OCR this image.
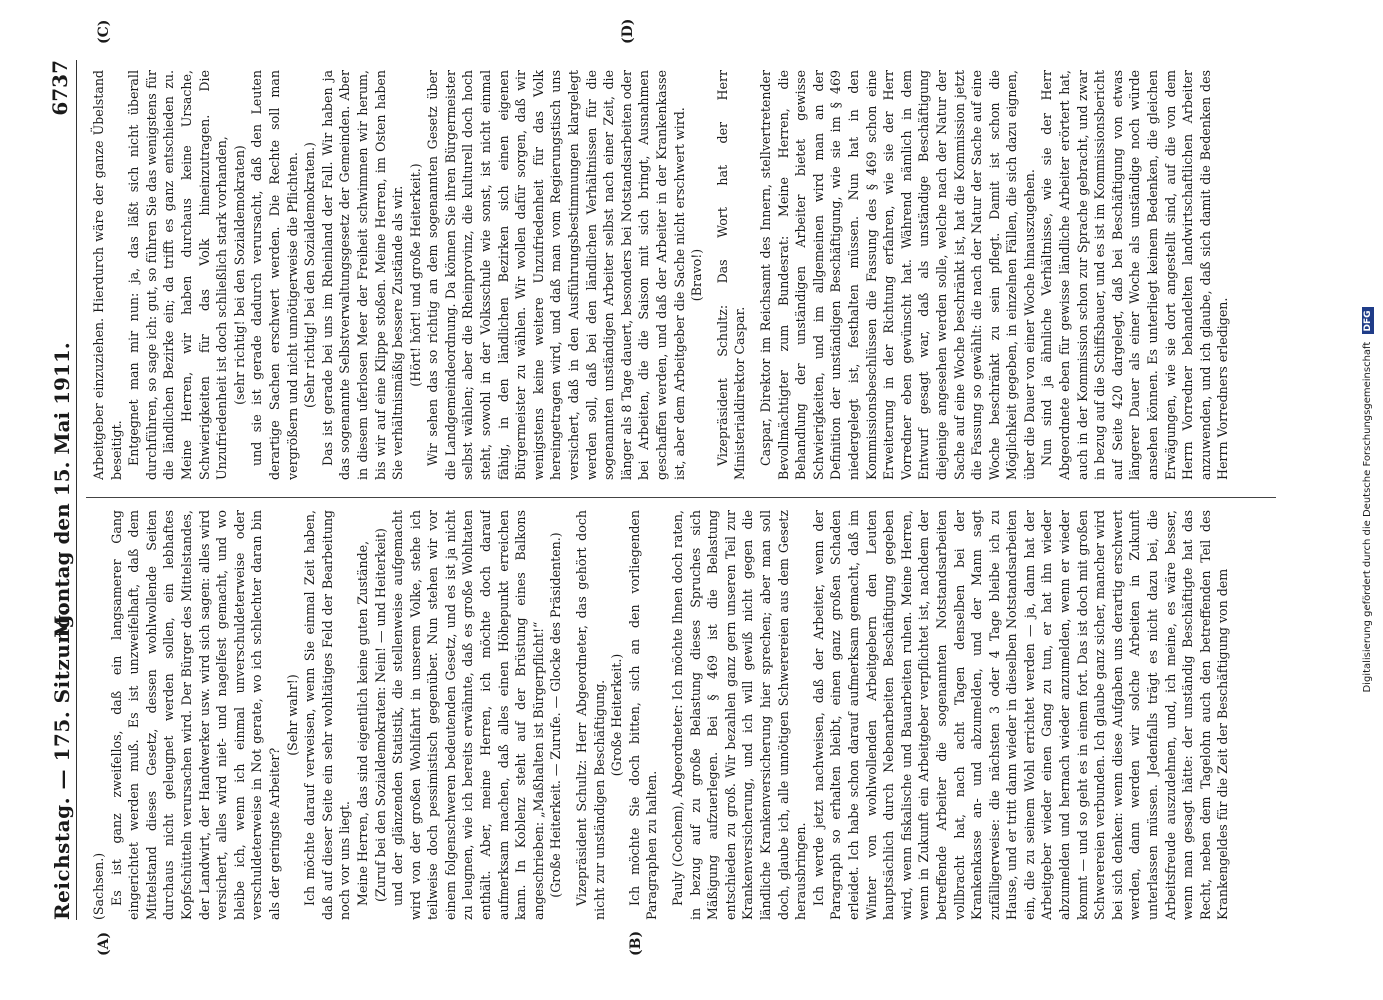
Reichstag. — 175. Sitzung.
Montag den 15. Mai 1911.
6737
(A)	(B)
(C)	(D)

(Sachsen.) Es ist ganz zweifellos, daß ein langsamerer Gang eingerichtet werden muß. Es ist unzweifelhaft, daß dem Mittelstand dieses Gesetz, dessen wohlwollende Seiten durchaus nicht geleugnet werden sollen, ein lebhaftes Kopfschütteln verursachen wird. Der Bürger des Mittelstandes, der Landwirt, der Handwerker usw. wird sich sagen: alles wird versichert, alles wird niet- und nagelfest gemacht, und wo bleibe ich, wenn ich einmal unverschuldeterweise oder verschuldeterweise in Not gerate, wo ich schlechter daran bin als der geringste Arbeiter?

(Sehr wahr!) Ich möchte darauf verweisen, wenn Sie einmal Zeit haben, daß auf dieser Seite ein sehr wohltätiges Feld der Bearbeitung noch vor uns liegt. Meine Herren, das sind eigentlich keine guten Zustände, (Zuruf bei den Sozialdemokraten: Nein! — und Heiterkeit) und der glänzenden Statistik, die stellenweise aufgemacht wird von der großen Wohlfahrt in unserem Volke, stehe ich teilweise doch pessimistisch gegenüber. Nun stehen wir vor einem folgenschweren bedeutenden Gesetz, und es ist ja nicht zu leugnen, wie ich bereits erwähnte, daß es große Wohltaten enthält. Aber, meine Herren, ich möchte doch darauf aufmerksam machen, daß alles einen Höhepunkt erreichen kann. In Koblenz steht auf der Brüstung eines Balkons angeschrieben: „Maßhalten ist Bürgerpflicht!“ (Große Heiterkeit. — Zurufe. — Glocke des Präsidenten.) Vizepräsident Schultz: Herr Abgeordneter, das gehört doch nicht zur unständigen Beschäftigung. (Große Heiterkeit.) Ich möchte Sie doch bitten, sich an den vorliegenden Paragraphen zu halten. Pauly (Cochem), Abgeordneter: Ich möchte Ihnen doch raten, in bezug auf zu große Belastung dieses Spruches sich Mäßigung aufzuerlegen. Bei § 469 ist die Belastung entschieden zu groß. Wir bezahlen ganz gern unseren Teil zur Krankenversicherung, und ich will gewiß nicht gegen die ländliche Krankenversicherung hier sprechen; aber man soll doch, glaube ich, alle unnötigen Schwerereien aus dem Gesetz herausbringen. Ich werde jetzt nachweisen, daß der Arbeiter, wenn der Paragraph so erhalten bleibt, einen ganz großen Schaden erleidet. Ich habe schon darauf aufmerksam gemacht, daß im Winter von wohlwollenden Arbeitgebern den Leuten hauptsächlich durch Nebenarbeiten Beschäftigung gegeben wird, wenn fiskalische und Bauarbeiten ruhen. Meine Herren, wenn in Zukunft ein Arbeitgeber verpflichtet ist, nachdem der betreffende Arbeiter die sogenannten Notstandsarbeiten vollbracht hat, nach acht Tagen denselben bei der Krankenkasse an- und abzumelden, und der Mann sagt zufälligerweise: die nächsten 3 oder 4 Tage bleibe ich zu Hause, und er tritt dann wieder in dieselben Notstandsarbeiten ein, die zu seinem Wohl errichtet werden — ja, dann hat der Arbeitgeber wieder einen Gang zu tun, er hat ihn wieder abzumelden und hernach wieder anzumelden, wenn er wieder kommt — und so geht es in einem fort. Das ist doch mit großen Schwerereien verbunden. Ich glaube ganz sicher, mancher wird bei sich denken: wenn diese Aufgaben uns derartig erschwert werden, dann werden wir solche Arbeiten in Zukunft unterlassen müssen. Jedenfalls trägt es nicht dazu bei, die Arbeitsfreude auszudehnen, und, ich meine, es wäre besser, wenn man gesagt hätte: der unständig Beschäftigte hat das Recht, neben dem Tagelohn auch den betreffenden Teil des Krankengeldes für die Zeit der Beschäftigung von dem

Arbeitgeber einzuziehen. Hierdurch wäre der ganze Übelstand beseitigt. Entgegnet man mir nun: ja, das läßt sich nicht überall durchführen, so sage ich: gut, so führen Sie das wenigstens für die ländlichen Bezirke ein; da trifft es ganz entschieden zu. Meine Herren, wir haben durchaus keine Ursache, Schwierigkeiten für das Volk hineinzutragen. Die Unzufriedenheit ist doch schließlich stark vorhanden, (sehr richtig! bei den Sozialdemokraten) und sie ist gerade dadurch verursacht, daß den Leuten derartige Sachen erschwert werden. Die Rechte soll man vergrößern und nicht unnötigerweise die Pflichten. (Sehr richtig! bei den Sozialdemokraten.) Das ist gerade bei uns im Rheinland der Fall. Wir haben ja das sogenannte Selbstverwaltungsgesetz der Gemeinden. Aber in diesem uferlosen Meer der Freiheit schwimmen wir herum, bis wir auf eine Klippe stoßen. Meine Herren, im Osten haben Sie verhältnismäßig bessere Zustände als wir. (Hört! hört! und große Heiterkeit.) Wir sehen das so richtig an dem sogenannten Gesetz über die Landgemeindeordnung. Da können Sie ihren Bürgermeister selbst wählen; aber die Rheinprovinz, die kulturell doch hoch steht, sowohl in der Volksschule wie sonst, ist nicht einmal fähig, in den ländlichen Bezirken sich einen eigenen Bürgermeister zu wählen. Wir wollen dafür sorgen, daß wir wenigstens keine weitere Unzufriedenheit für das Volk hereingetragen wird, und daß man vom Regierungstisch uns versichert, daß in den Ausführungsbestimmungen klargelegt werden soll, daß bei den ländlichen Verhältnissen für die sogenannten unständigen Arbeiter selbst nach einer Zeit, die länger als 8 Tage dauert, besonders bei Notstandsarbeiten oder bei Arbeiten, die die Saison mit sich bringt, Ausnahmen geschaffen werden, und daß der Arbeiter in der Krankenkasse ist, aber dem Arbeitgeber die Sache nicht erschwert wird. (Bravo!) Vizepräsident Schultz: Das Wort hat der Herr Ministerialdirektor Caspar. Caspar, Direktor im Reichsamt des Innern, stellvertretender Bevollmächtigter zum Bundesrat: Meine Herren, die Behandlung der unständigen Arbeiter bietet gewisse Schwierigkeiten, und im allgemeinen wird man an der Definition der unständigen Beschäftigung, wie sie im § 469 niedergelegt ist, festhalten müssen. Nun hat in den Kommissionsbeschlüssen die Fassung des § 469 schon eine Erweiterung in der Richtung erfahren, wie sie der Herr Vorredner eben gewünscht hat. Während nämlich in dem Entwurf gesagt war, daß als unständige Beschäftigung diejenige angesehen werden solle, welche nach der Natur der Sache auf eine Woche beschränkt ist, hat die Kommission jetzt die Fassung so gewählt: die nach der Natur der Sache auf eine Woche beschränkt zu sein pflegt. Damit ist schon die Möglichkeit gegeben, in einzelnen Fällen, die sich dazu eignen, über die Dauer von einer Woche hinauszugehen. Nun sind ja ähnliche Verhältnisse, wie sie der Herr Abgeordnete eben für gewisse ländliche Arbeiter erörtert hat, auch in der Kommission schon zur Sprache gebracht, und zwar in bezug auf die Schiffsbauer, und es ist im Kommissionsbericht auf Seite 420 dargelegt, daß bei Beschäftigung von etwas längerer Dauer als einer Woche als unständige noch würde ansehen können. Es unterliegt keinem Bedenken, die gleichen Erwägungen, wie sie dort angestellt sind, auf die von dem Herrn Vorredner behandelten landwirtschaftlichen Arbeiter anzuwenden, und ich glaube, daß sich damit die Bedenken des Herrn Vorredners erledigen.	Digitalisierung gefördert durch die Deutsche Forschungsgemeinschaft DFG
